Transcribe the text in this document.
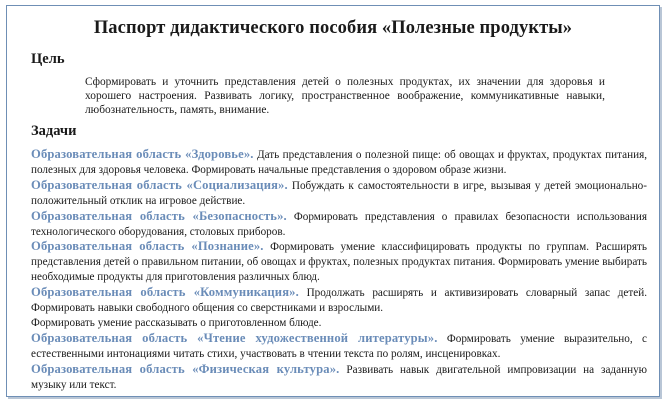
Паспорт дидактического пособия «Полезные продукты»
Цель
Сформировать и уточнить представления детей о полезных продуктах, их значении для здоровья и хорошего настроения. Развивать логику, пространственное воображение, коммуникативные навыки, любознательность, память, внимание.
Задачи

Образовательная область «Здоровье». Дать представления о полезной пище: об овощах и фруктах, продуктах питания, полезных для здоровья человека. Формировать начальные представления о здоровом образе жизни.

Образовательная область «Социализация». Побуждать к самостоятельности в игре, вызывая у детей эмоционально-положительный отклик на игровое действие.

Образовательная область «Безопасность». Формировать представления о правилах безопасности использования технологического оборудования, столовых приборов.

Образовательная область «Познание». Формировать умение классифицировать продукты по группам. Расширять представления детей о правильном питании, об овощах и фруктах, полезных продуктах питания. Формировать умение выбирать необходимые продукты для приготовления различных блюд.

Образовательная область «Коммуникация». Продолжать расширять и активизировать словарный запас детей. Формировать навыки свободного общения со сверстниками и взрослыми.

Формировать умение рассказывать о приготовленном блюде.

Образовательная область «Чтение художественной литературы». Формировать умение выразительно, с естественными интонациями читать стихи, участвовать в чтении текста по ролям, инсценировках.

Образовательная область «Физическая культура». Развивать навык двигательной импровизации на заданную музыку или текст.
